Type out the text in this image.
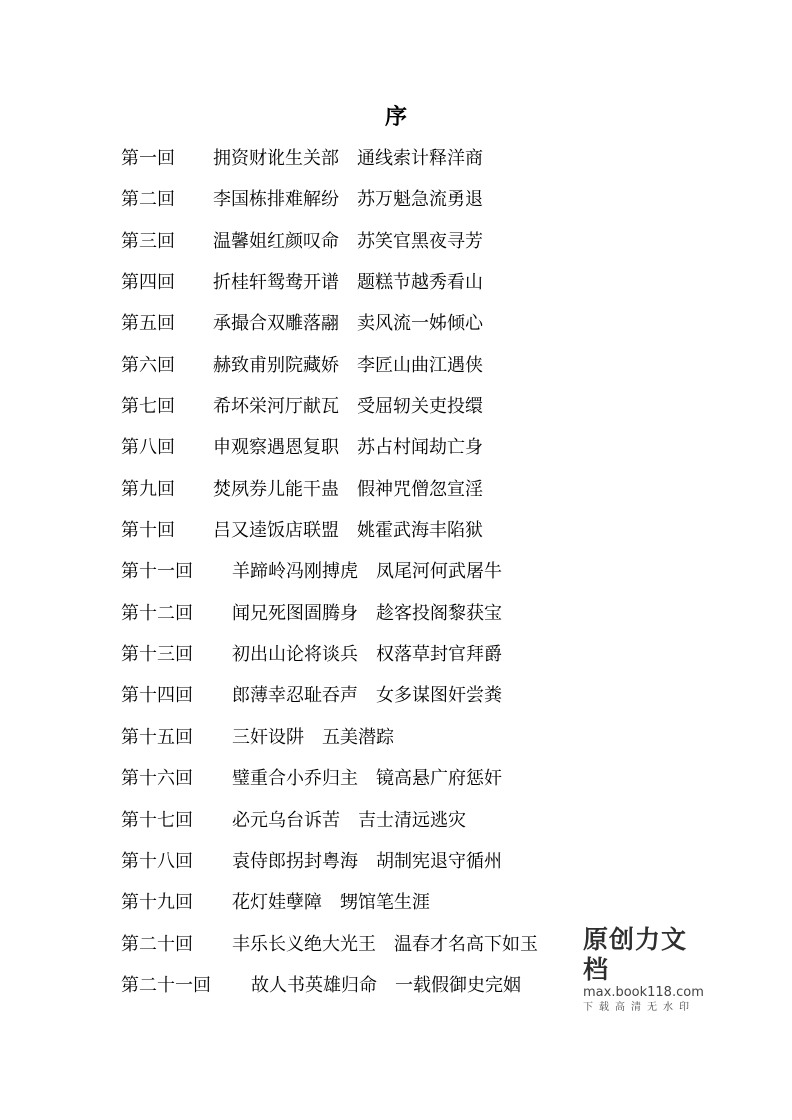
序
第一回	拥资财讹生关部 通线索计释洋商
第二回	李国栋排难解纷 苏万魁急流勇退
第三回	温馨姐红颜叹命 苏笑官黑夜寻芳
第四回	折桂轩鸳鸯开谱 题糕节越秀看山
第五回	承撮合双雕落翮 卖风流一姊倾心
第六回	赫致甫别院藏娇 李匠山曲江遇侠
第七回	希坏栄河厅献瓦 受屈轫关吏投缳
第八回	申观察遇恩复职 苏占村闻劫亡身
第九回	焚夙券儿能干蛊 假神咒僧忽宣淫
第十回	吕又逵饭店联盟 姚霍武海丰陷狱
第十一回	羊蹄岭冯刚搏虎 凤尾河何武屠牛
第十二回	闻兄死图圄腾身 趁客投阁黎获宝
第十三回	初出山论将谈兵 权落草封官拜爵
第十四回	郎薄幸忍耻吞声 女多谋图奸尝粪
第十五回	三奸设阱 五美潜踪
第十六回	璧重合小乔归主 镜高悬广府惩奸
第十七回	必元乌台诉苦 吉士清远逃灾
第十八回	袁侍郎拐封粤海 胡制宪退守循州
第十九回	花灯娃孽障 甥馆笔生涯
第二十回	丰乐长义绝大光王 温春才名高下如玉
第二十一回	故人书英雄归命 一载假御史完姻
原创力文档
max.book118.com
下载高清无水印
